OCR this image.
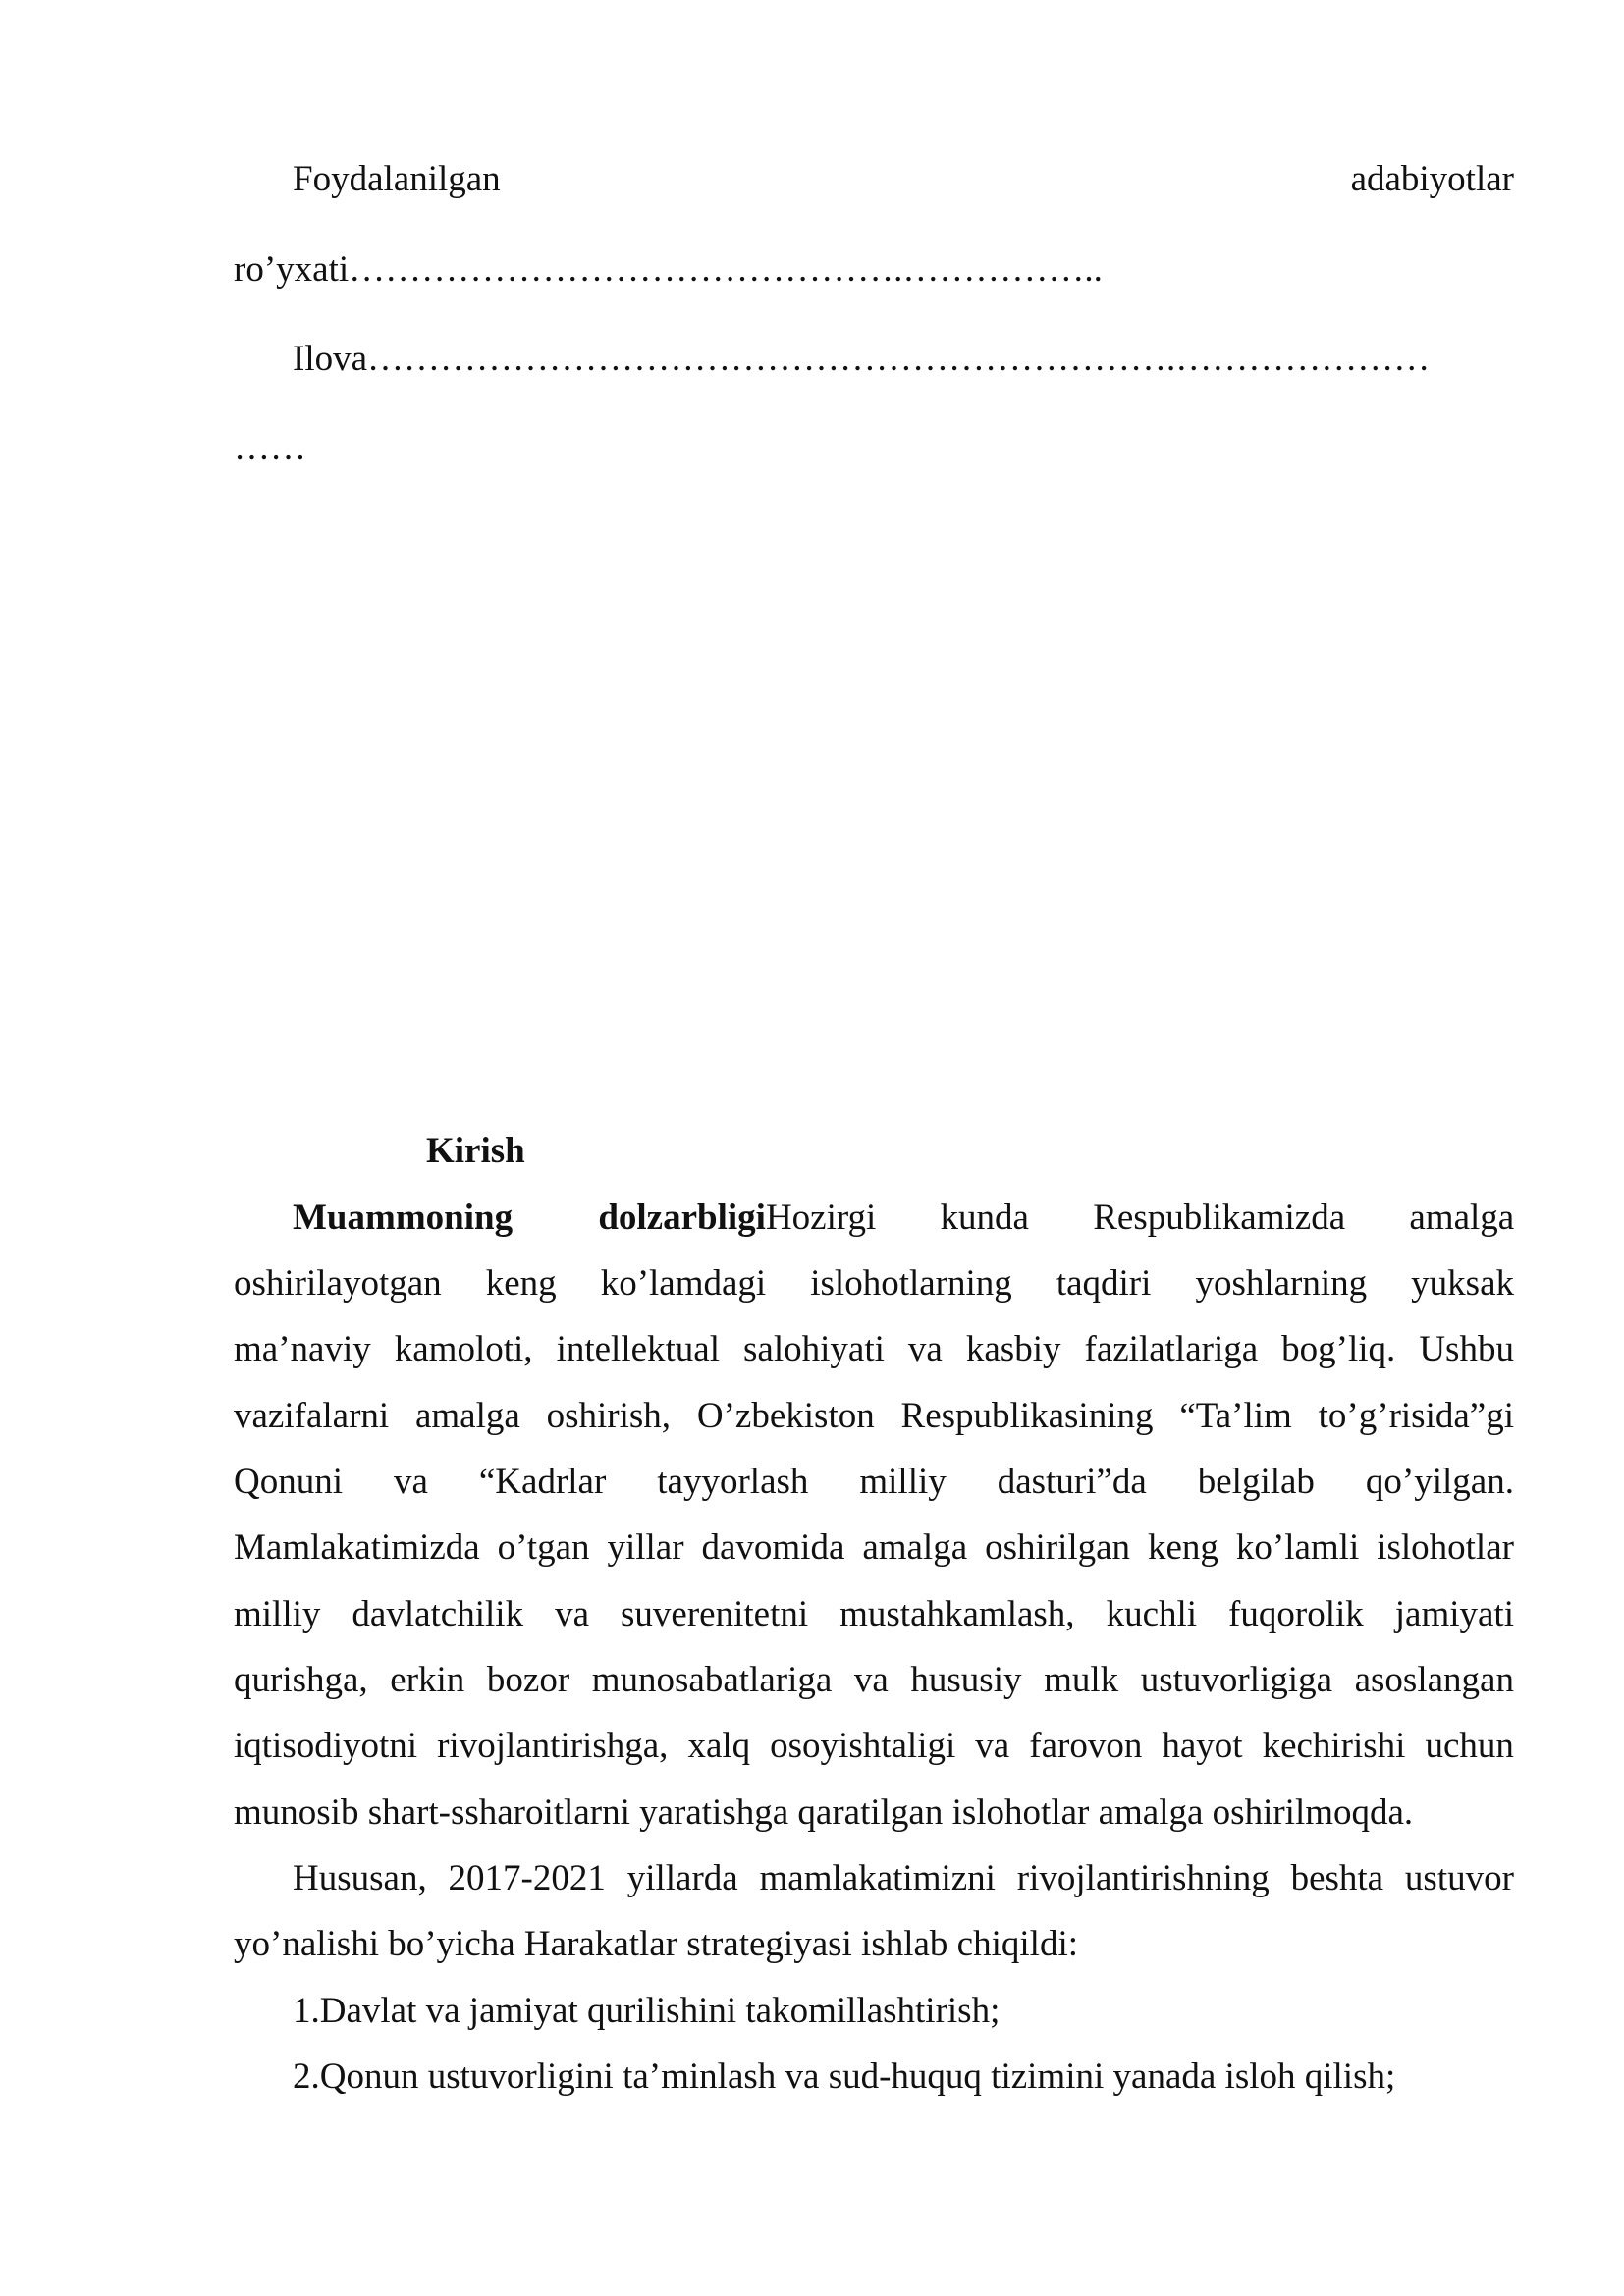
Foydalanilgan	adabiyotlar
ro’yxati……………………………………….……………..
Ilova………………………………………………………….…………………
……
Kirish
Muammoning dolzarbligi Hozirgi kunda Respublikamizda amalga
oshirilayotgan keng ko’lamdagi islohotlarning taqdiri yoshlarning yuksak
ma’naviy kamoloti, intellektual salohiyati va kasbiy fazilatlariga bog’liq. Ushbu
vazifalarni amalga oshirish, O’zbekiston Respublikasining “Ta’lim to’g’risida”gi
Qonuni va “Kadrlar tayyorlash milliy dasturi”da belgilab qo’yilgan.
Mamlakatimizda o’tgan yillar davomida amalga oshirilgan keng ko’lamli islohotlar
milliy davlatchilik va suverenitetni mustahkamlash, kuchli fuqorolik jamiyati
qurishga, erkin bozor munosabatlariga va hususiy mulk ustuvorligiga asoslangan
iqtisodiyotni rivojlantirishga, xalq osoyishtaligi va farovon hayot kechirishi uchun
munosib shart-ssharoitlarni yaratishga qaratilgan islohotlar amalga oshirilmoqda.
Hususan, 2017-2021 yillarda mamlakatimizni rivojlantirishning beshta ustuvor
yo’nalishi bo’yicha Harakatlar strategiyasi ishlab chiqildi:
1.Davlat va jamiyat qurilishini takomillashtirish;
2.Qonun ustuvorligini ta’minlash va sud-huquq tizimini yanada isloh qilish;
